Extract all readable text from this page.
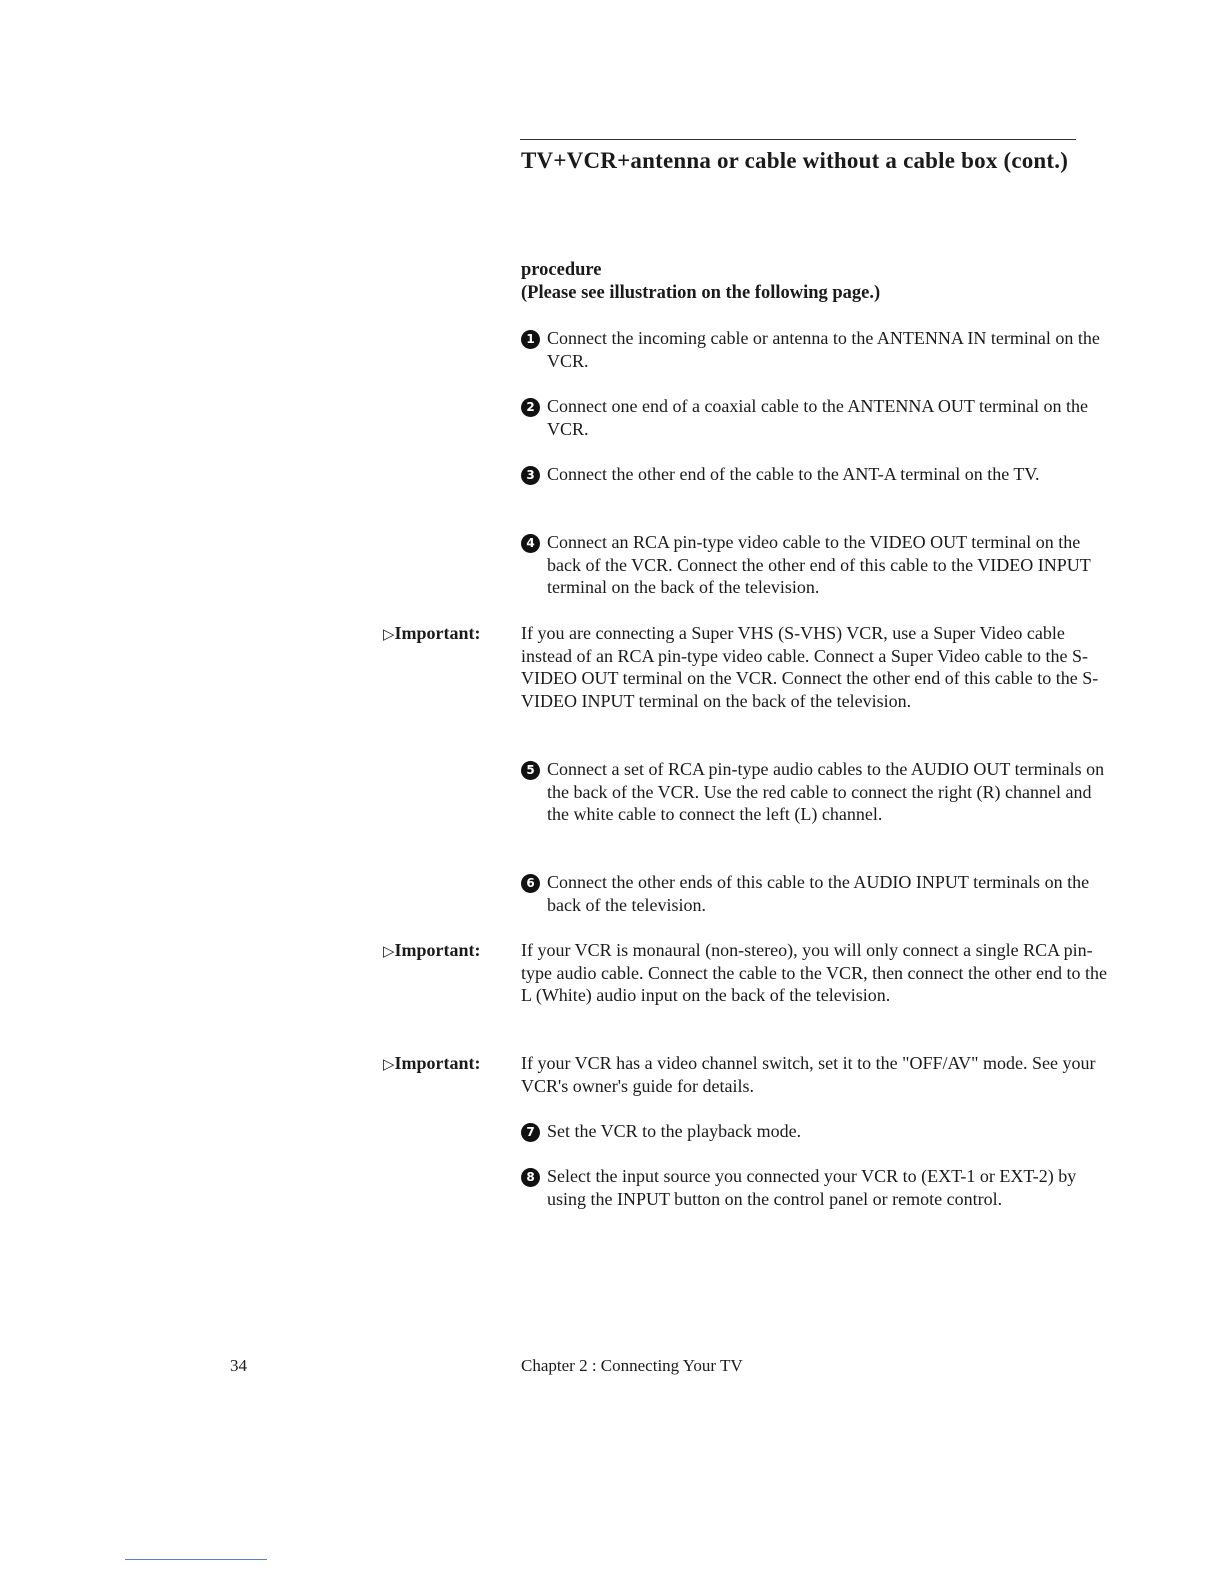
TV+VCR+antenna or cable without a cable box (cont.)
procedure
(Please see illustration on the following page.)
1 Connect the incoming cable or antenna to the ANTENNA IN terminal on the VCR.
2 Connect one end of a coaxial cable to the ANTENNA OUT terminal on the VCR.
3 Connect the other end of the cable to the ANT-A terminal on the TV.
4 Connect an RCA pin-type video cable to the VIDEO OUT terminal on the back of the VCR. Connect the other end of this cable to the VIDEO INPUT terminal on the back of the television.
▷Important:	If you are connecting a Super VHS (S-VHS) VCR, use a Super Video cable instead of an RCA pin-type video cable. Connect a Super Video cable to the S-VIDEO OUT terminal on the VCR. Connect the other end of this cable to the S-VIDEO INPUT terminal on the back of the television.
5 Connect a set of RCA pin-type audio cables to the AUDIO OUT terminals on the back of the VCR. Use the red cable to connect the right (R) channel and the white cable to connect the left (L) channel.
6 Connect the other ends of this cable to the AUDIO INPUT terminals on the back of the television.
▷Important:	If your VCR is monaural (non-stereo), you will only connect a single RCA pin-type audio cable. Connect the cable to the VCR, then connect the other end to the L (White) audio input on the back of the television.
▷Important:	If your VCR has a video channel switch, set it to the "OFF/AV" mode. See your VCR's owner's guide for details.
7 Set the VCR to the playback mode.
8 Select the input source you connected your VCR to (EXT-1 or EXT-2) by using the INPUT button on the control panel or remote control.
34	Chapter 2 : Connecting Your TV
